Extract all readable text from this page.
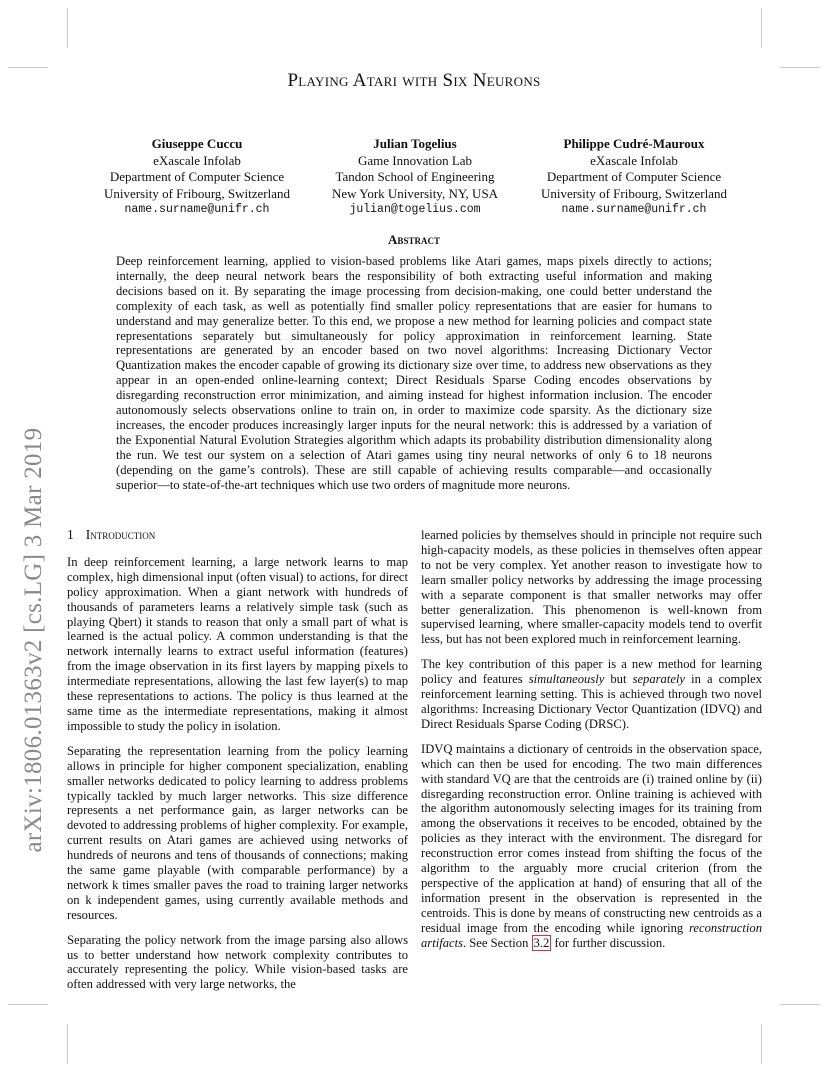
arXiv:1806.01363v2 [cs.LG] 3 Mar 2019
Playing Atari with Six Neurons
Giuseppe Cuccu
eXascale Infolab
Department of Computer Science
University of Fribourg, Switzerland
name.surname@unifr.ch
Julian Togelius
Game Innovation Lab
Tandon School of Engineering
New York University, NY, USA
julian@togelius.com
Philippe Cudré-Mauroux
eXascale Infolab
Department of Computer Science
University of Fribourg, Switzerland
name.surname@unifr.ch
Abstract
Deep reinforcement learning, applied to vision-based problems like Atari games, maps pixels directly to actions; internally, the deep neural network bears the responsibility of both extracting useful information and making decisions based on it. By separating the image processing from decision-making, one could better understand the complexity of each task, as well as potentially find smaller policy representations that are easier for humans to understand and may generalize better. To this end, we propose a new method for learning policies and compact state representations separately but simultaneously for policy approximation in reinforcement learning. State representations are generated by an encoder based on two novel algorithms: Increasing Dictionary Vector Quantization makes the encoder capable of growing its dictionary size over time, to address new observations as they appear in an open-ended online-learning context; Direct Residuals Sparse Coding encodes observations by disregarding reconstruction error minimization, and aiming instead for highest information inclusion. The encoder autonomously selects observations online to train on, in order to maximize code sparsity. As the dictionary size increases, the encoder produces increasingly larger inputs for the neural network: this is addressed by a variation of the Exponential Natural Evolution Strategies algorithm which adapts its probability distribution dimensionality along the run. We test our system on a selection of Atari games using tiny neural networks of only 6 to 18 neurons (depending on the game’s controls). These are still capable of achieving results comparable—and occasionally superior—to state-of-the-art techniques which use two orders of magnitude more neurons.
1 Introduction

In deep reinforcement learning, a large network learns to map complex, high dimensional input (often visual) to actions, for direct policy approximation. When a giant network with hundreds of thousands of parameters learns a relatively simple task (such as playing Qbert) it stands to reason that only a small part of what is learned is the actual policy. A common understanding is that the network internally learns to extract useful information (features) from the image observation in its first layers by mapping pixels to intermediate representations, allowing the last few layer(s) to map these representations to actions. The policy is thus learned at the same time as the intermediate representations, making it almost impossible to study the policy in isolation.

Separating the representation learning from the policy learning allows in principle for higher component specialization, enabling smaller networks dedicated to policy learning to address problems typically tackled by much larger networks. This size difference represents a net performance gain, as larger networks can be devoted to addressing problems of higher complexity. For example, current results on Atari games are achieved using networks of hundreds of neurons and tens of thousands of connections; making the same game playable (with comparable performance) by a network k times smaller paves the road to training larger networks on k independent games, using currently available methods and resources.

Separating the policy network from the image parsing also allows us to better understand how network complexity contributes to accurately representing the policy. While vision-based tasks are often addressed with very large networks, the

learned policies by themselves should in principle not require such high-capacity models, as these policies in themselves often appear to not be very complex. Yet another reason to investigate how to learn smaller policy networks by addressing the image processing with a separate component is that smaller networks may offer better generalization. This phenomenon is well-known from supervised learning, where smaller-capacity models tend to overfit less, but has not been explored much in reinforcement learning.

The key contribution of this paper is a new method for learning policy and features simultaneously but separately in a complex reinforcement learning setting. This is achieved through two novel algorithms: Increasing Dictionary Vector Quantization (IDVQ) and Direct Residuals Sparse Coding (DRSC).

IDVQ maintains a dictionary of centroids in the observation space, which can then be used for encoding. The two main differences with standard VQ are that the centroids are (i) trained online by (ii) disregarding reconstruction error. Online training is achieved with the algorithm autonomously selecting images for its training from among the observations it receives to be encoded, obtained by the policies as they interact with the environment. The disregard for reconstruction error comes instead from shifting the focus of the algorithm to the arguably more crucial criterion (from the perspective of the application at hand) of ensuring that all of the information present in the observation is represented in the centroids. This is done by means of constructing new centroids as a residual image from the encoding while ignoring reconstruction artifacts. See Section 3.2 for further discussion.
